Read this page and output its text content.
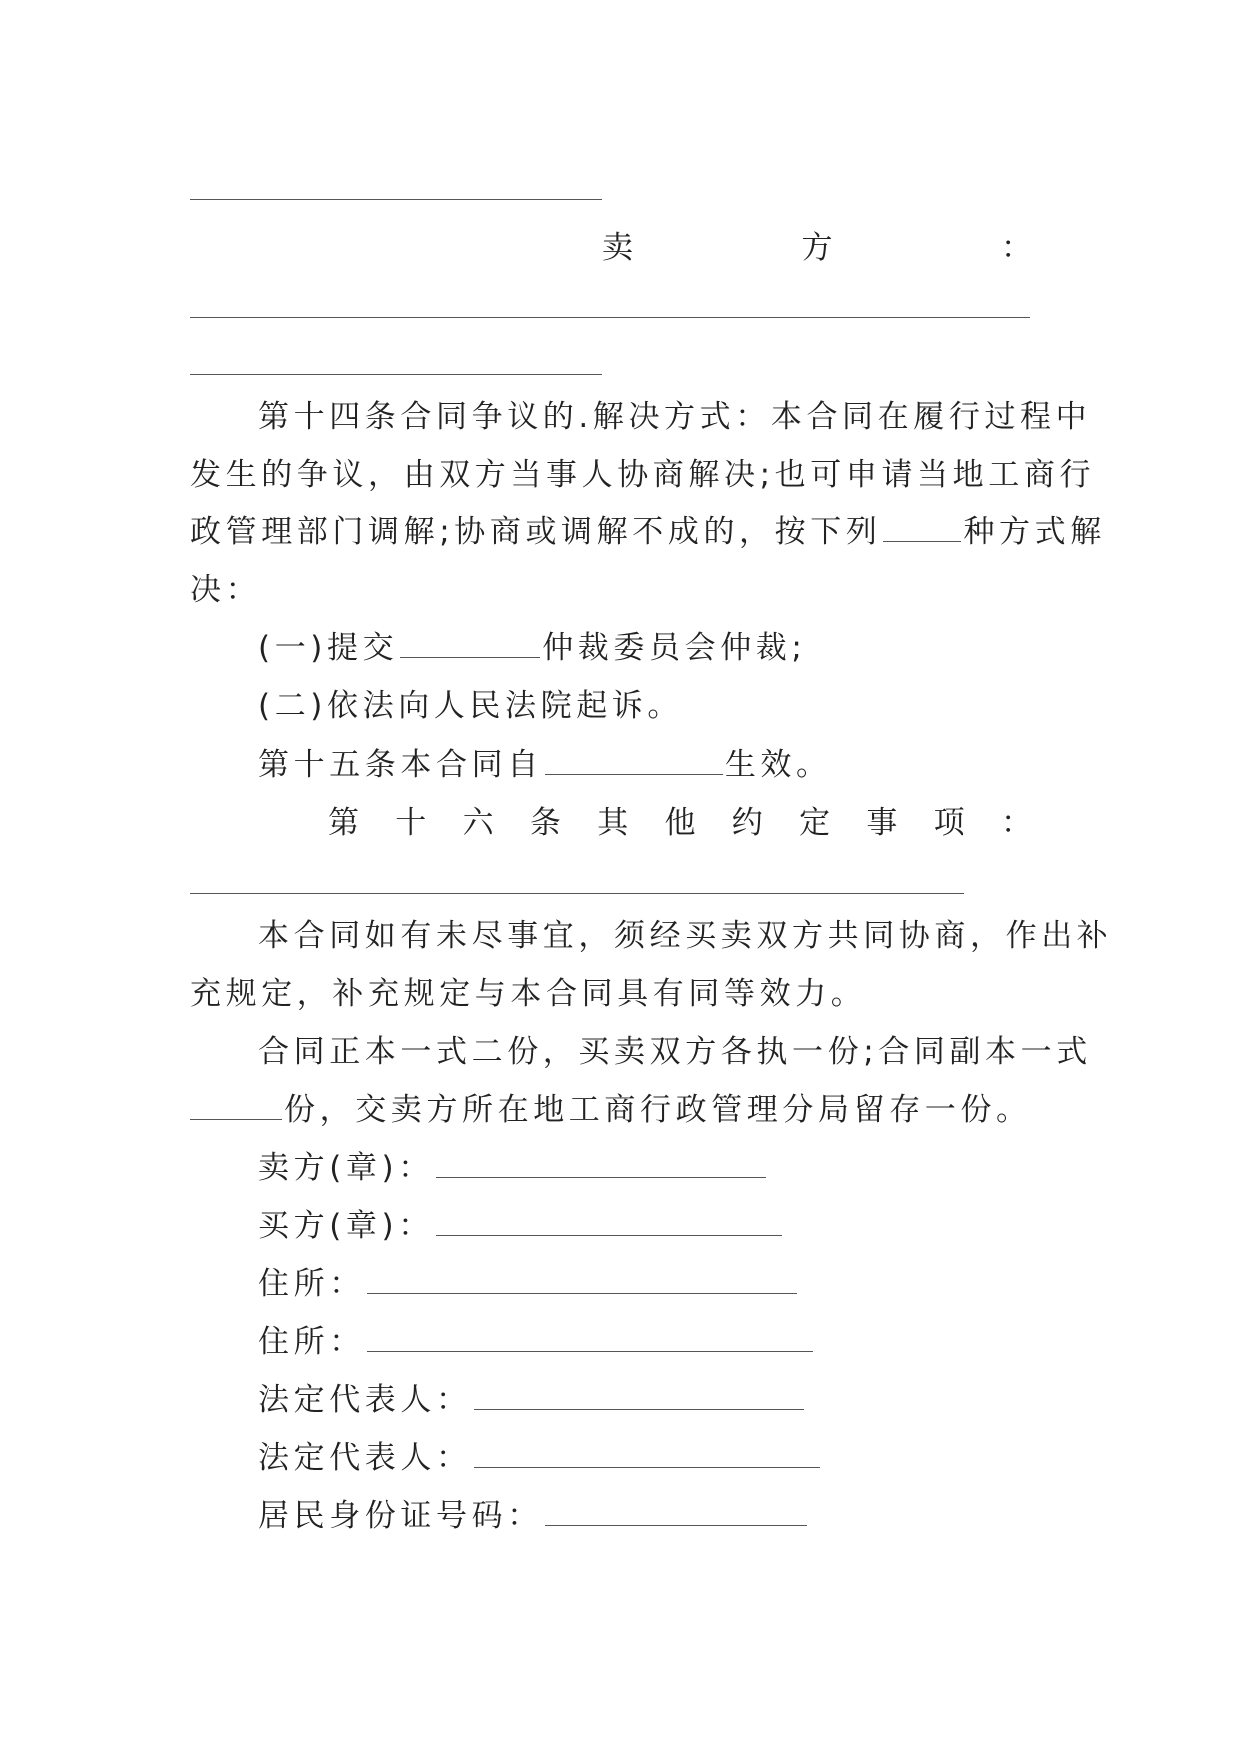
卖	方	：
第十四条合同争议的.解决方式：本合同在履行过程中
发生的争议，由双方当事人协商解决;也可申请当地工商行
政管理部门调解;协商或调解不成的，按下列	种方式解
决：
(一)提交	仲裁委员会仲裁;
(二)依法向人民法院起诉。
第十五条本合同自	生效。
第 十 六 条 其 他 约 定 事 项 ：
本合同如有未尽事宜，须经买卖双方共同协商，作出补
充规定，补充规定与本合同具有同等效力。
合同正本一式二份，买卖双方各执一份;合同副本一式
份，交卖方所在地工商行政管理分局留存一份。
卖方(章)：
买方(章)：
住所：
住所：
法定代表人：
法定代表人：
居民身份证号码：
